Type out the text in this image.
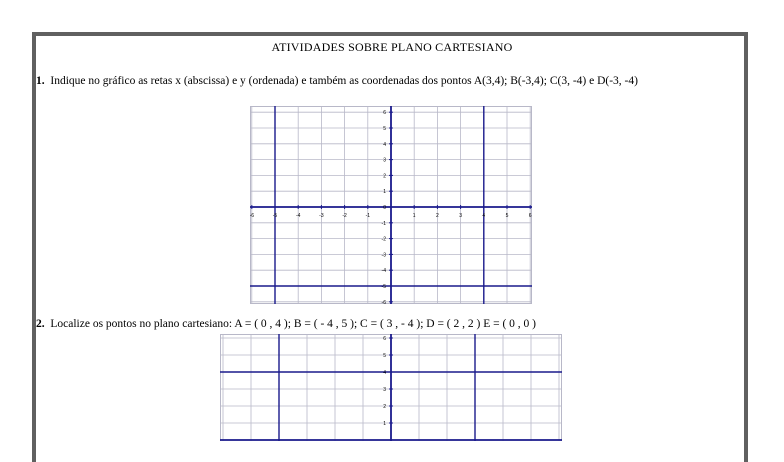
ATIVIDADES SOBRE PLANO CARTESIANO
1. Indique no gráfico as retas x (abscissa) e y (ordenada) e também as coordenadas dos pontos A(3,4); B(-3,4); C(3, -4) e D(-3, -4)
-6	-5	-4	-3	-2	-1	1	2	3	4	5	6
6
5
4
3
2
1
0
-1
-2
-3
-4
-5
-6
2. Localize os pontos no plano cartesiano: A = ( 0 , 4 ); B = ( - 4 , 5 ); C = ( 3 , - 4 ); D = ( 2 , 2 ) E = ( 0 , 0 )
6
5
4
3
2
1
